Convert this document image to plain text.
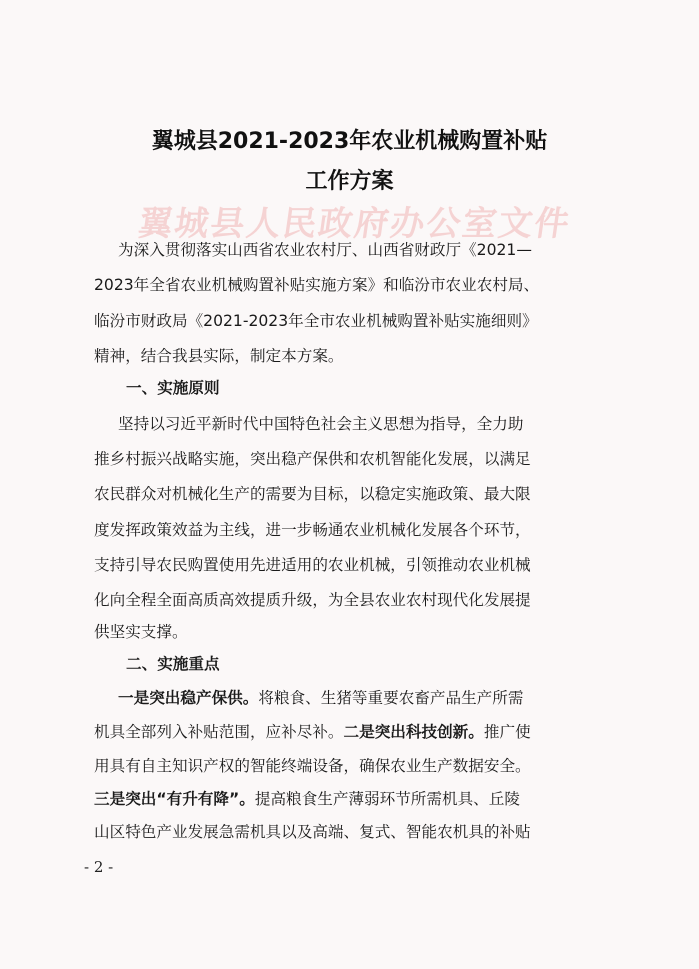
翼城县人民政府办公室文件
翼城县2021-2023年农业机械购置补贴
工作方案
为深入贯彻落实山西省农业农村厅、山西省财政厅《2021—
2023年全省农业机械购置补贴实施方案》和临汾市农业农村局、
临汾市财政局《2021-2023年全市农业机械购置补贴实施细则》
精神，结合我县实际，制定本方案。
一、实施原则
坚持以习近平新时代中国特色社会主义思想为指导，全力助
推乡村振兴战略实施，突出稳产保供和农机智能化发展，以满足
农民群众对机械化生产的需要为目标，以稳定实施政策、最大限
度发挥政策效益为主线，进一步畅通农业机械化发展各个环节，
支持引导农民购置使用先进适用的农业机械，引领推动农业机械
化向全程全面高质高效提质升级，为全县农业农村现代化发展提
供坚实支撑。
二、实施重点
一是突出稳产保供。将粮食、生猪等重要农畜产品生产所需
机具全部列入补贴范围，应补尽补。二是突出科技创新。推广使
用具有自主知识产权的智能终端设备，确保农业生产数据安全。
三是突出“有升有降”。提高粮食生产薄弱环节所需机具、丘陵
山区特色产业发展急需机具以及高端、复式、智能农机具的补贴
- 2 -
